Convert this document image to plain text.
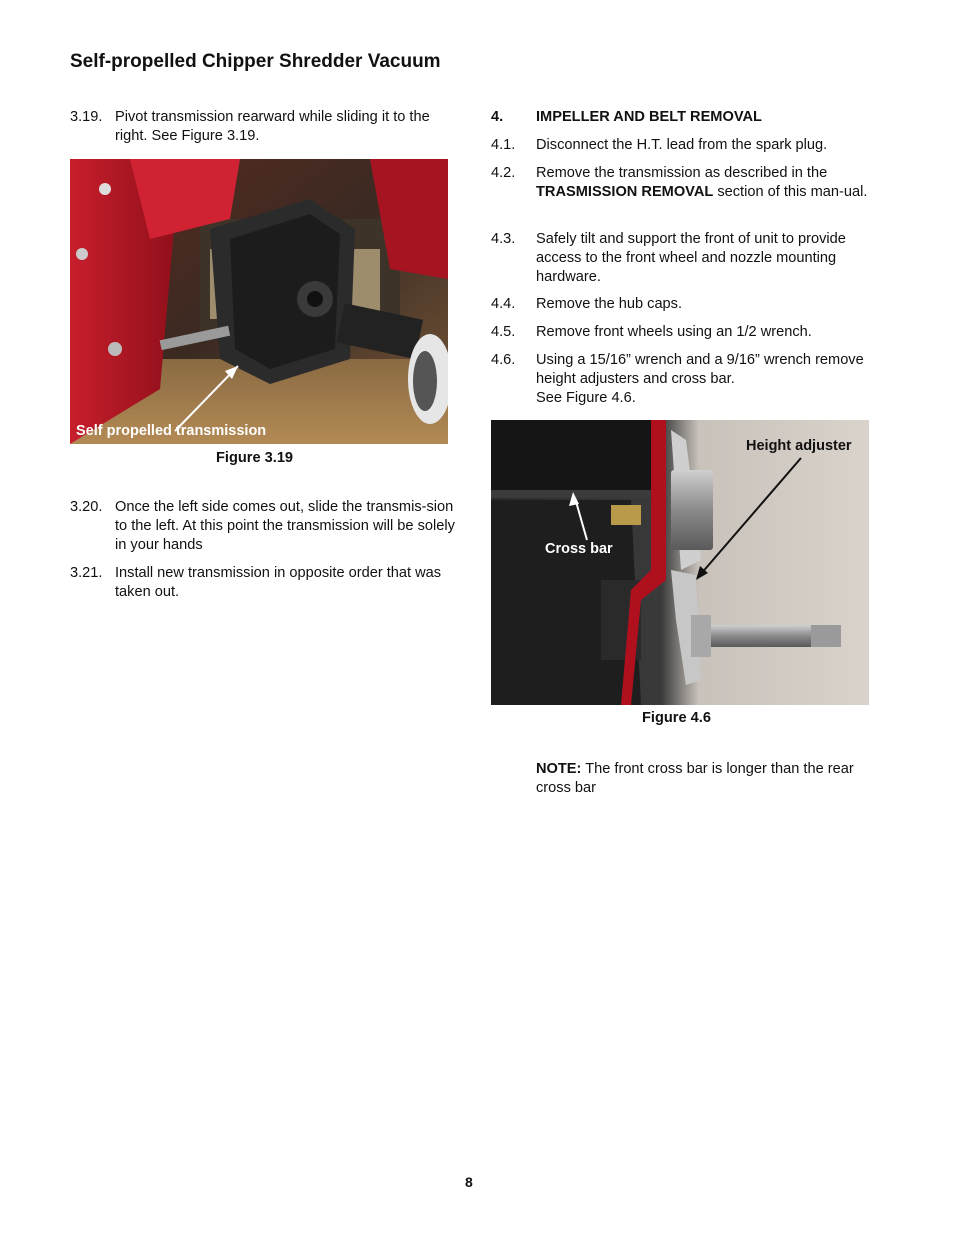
Self-propelled Chipper Shredder Vacuum
3.19. Pivot transmission rearward while sliding it to the right. See Figure 3.19.
Self propelled transmission
Figure 3.19
3.20. Once the left side comes out, slide the transmis-sion to the left. At this point the transmission will be solely in your hands
3.21. Install new transmission in opposite order that was taken out.
4. IMPELLER AND BELT REMOVAL
4.1. Disconnect the H.T. lead from the spark plug.
4.2. Remove the transmission as described in the TRASMISSION REMOVAL section of this man-ual.
4.3. Safely tilt and support the front of unit to provide access to the front wheel and nozzle mounting hardware.
4.4. Remove the hub caps.
4.5. Remove front wheels using an 1/2 wrench.
4.6. Using a 15/16” wrench and a 9/16” wrench remove height adjusters and cross bar.
See Figure 4.6.
Height adjuster
Cross bar
Figure 4.6
NOTE: The front cross bar is longer than the rear cross bar
8
